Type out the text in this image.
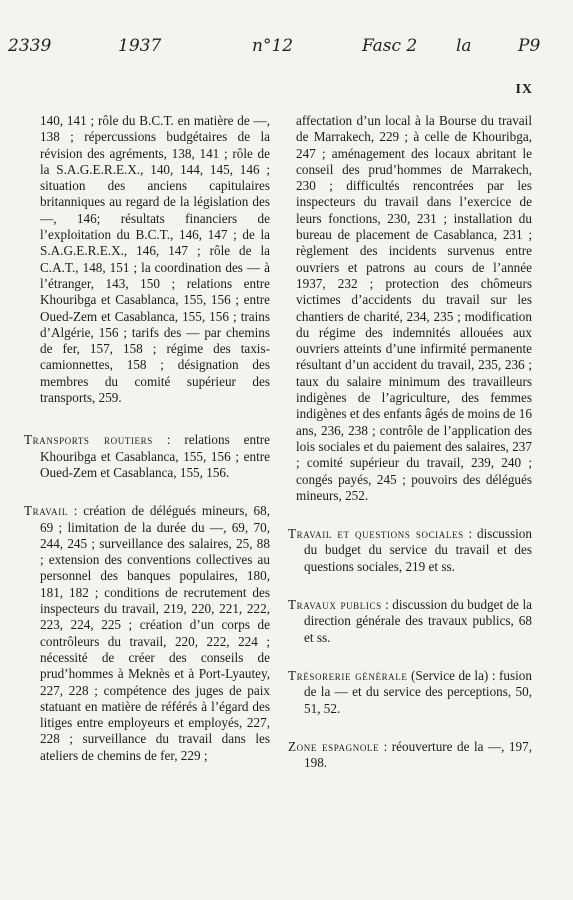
2339	1937	n°12	Fasc 2 la	P9
IX

140, 141 ; rôle du B.C.T. en matière de —, 138 ; répercussions budgétaires de la révision des agréments, 138, 141 ; rôle de la S.A.G.E.R.E.X., 140, 144, 145, 146 ; situation des anciens capitulaires britanniques au regard de la législation des —, 146; résultats financiers de l’exploitation du B.C.T., 146, 147 ; de la S.A.G.E.R.E.X., 146, 147 ; rôle de la C.A.T., 148, 151 ; la coordination des — à l’étranger, 143, 150 ; relations entre Khouribga et Casablanca, 155, 156 ; entre Oued-Zem et Casablanca, 155, 156 ; trains d’Algérie, 156 ; tarifs des — par chemins de fer, 157, 158 ; régime des taxis-camionnettes, 158 ; désignation des membres du comité supérieur des transports, 259.

Transports routiers : relations entre Khouribga et Casablanca, 155, 156 ; entre Oued-Zem et Casablanca, 155, 156.

Travail : création de délégués mineurs, 68, 69 ; limitation de la durée du —, 69, 70, 244, 245 ; surveillance des salaires, 25, 88 ; extension des conventions collectives au personnel des banques populaires, 180, 181, 182 ; conditions de recrutement des inspecteurs du travail, 219, 220, 221, 222, 223, 224, 225 ; création d’un corps de contrôleurs du travail, 220, 222, 224 ; nécessité de créer des conseils de prud’hommes à Meknès et à Port-Lyautey, 227, 228 ; compétence des juges de paix statuant en matière de référés à l’égard des litiges entre employeurs et employés, 227, 228 ; surveillance du travail dans les ateliers de chemins de fer, 229 ;

affectation d’un local à la Bourse du travail de Marrakech, 229 ; à celle de Khouribga, 247 ; aménagement des locaux abritant le conseil des prud’hommes de Marrakech, 230 ; difficultés rencontrées par les inspecteurs du travail dans l’exercice de leurs fonctions, 230, 231 ; installation du bureau de placement de Casablanca, 231 ; règlement des incidents survenus entre ouvriers et patrons au cours de l’année 1937, 232 ; protection des chômeurs victimes d’accidents du travail sur les chantiers de charité, 234, 235 ; modification du régime des indemnités allouées aux ouvriers atteints d’une infirmité permanente résultant d’un accident du travail, 235, 236 ; taux du salaire minimum des travailleurs indigènes de l’agriculture, des femmes indigènes et des enfants âgés de moins de 16 ans, 236, 238 ; contrôle de l’application des lois sociales et du paiement des salaires, 237 ; comité supérieur du travail, 239, 240 ; congés payés, 245 ; pouvoirs des délégués mineurs, 252.

Travail et questions sociales : discussion du budget du service du travail et des questions sociales, 219 et ss.

Travaux publics : discussion du budget de la direction générale des travaux publics, 68 et ss.

Trésorerie générale (Service de la) : fusion de la — et du service des perceptions, 50, 51, 52.

Zone espagnole : réouverture de la —, 197, 198.
